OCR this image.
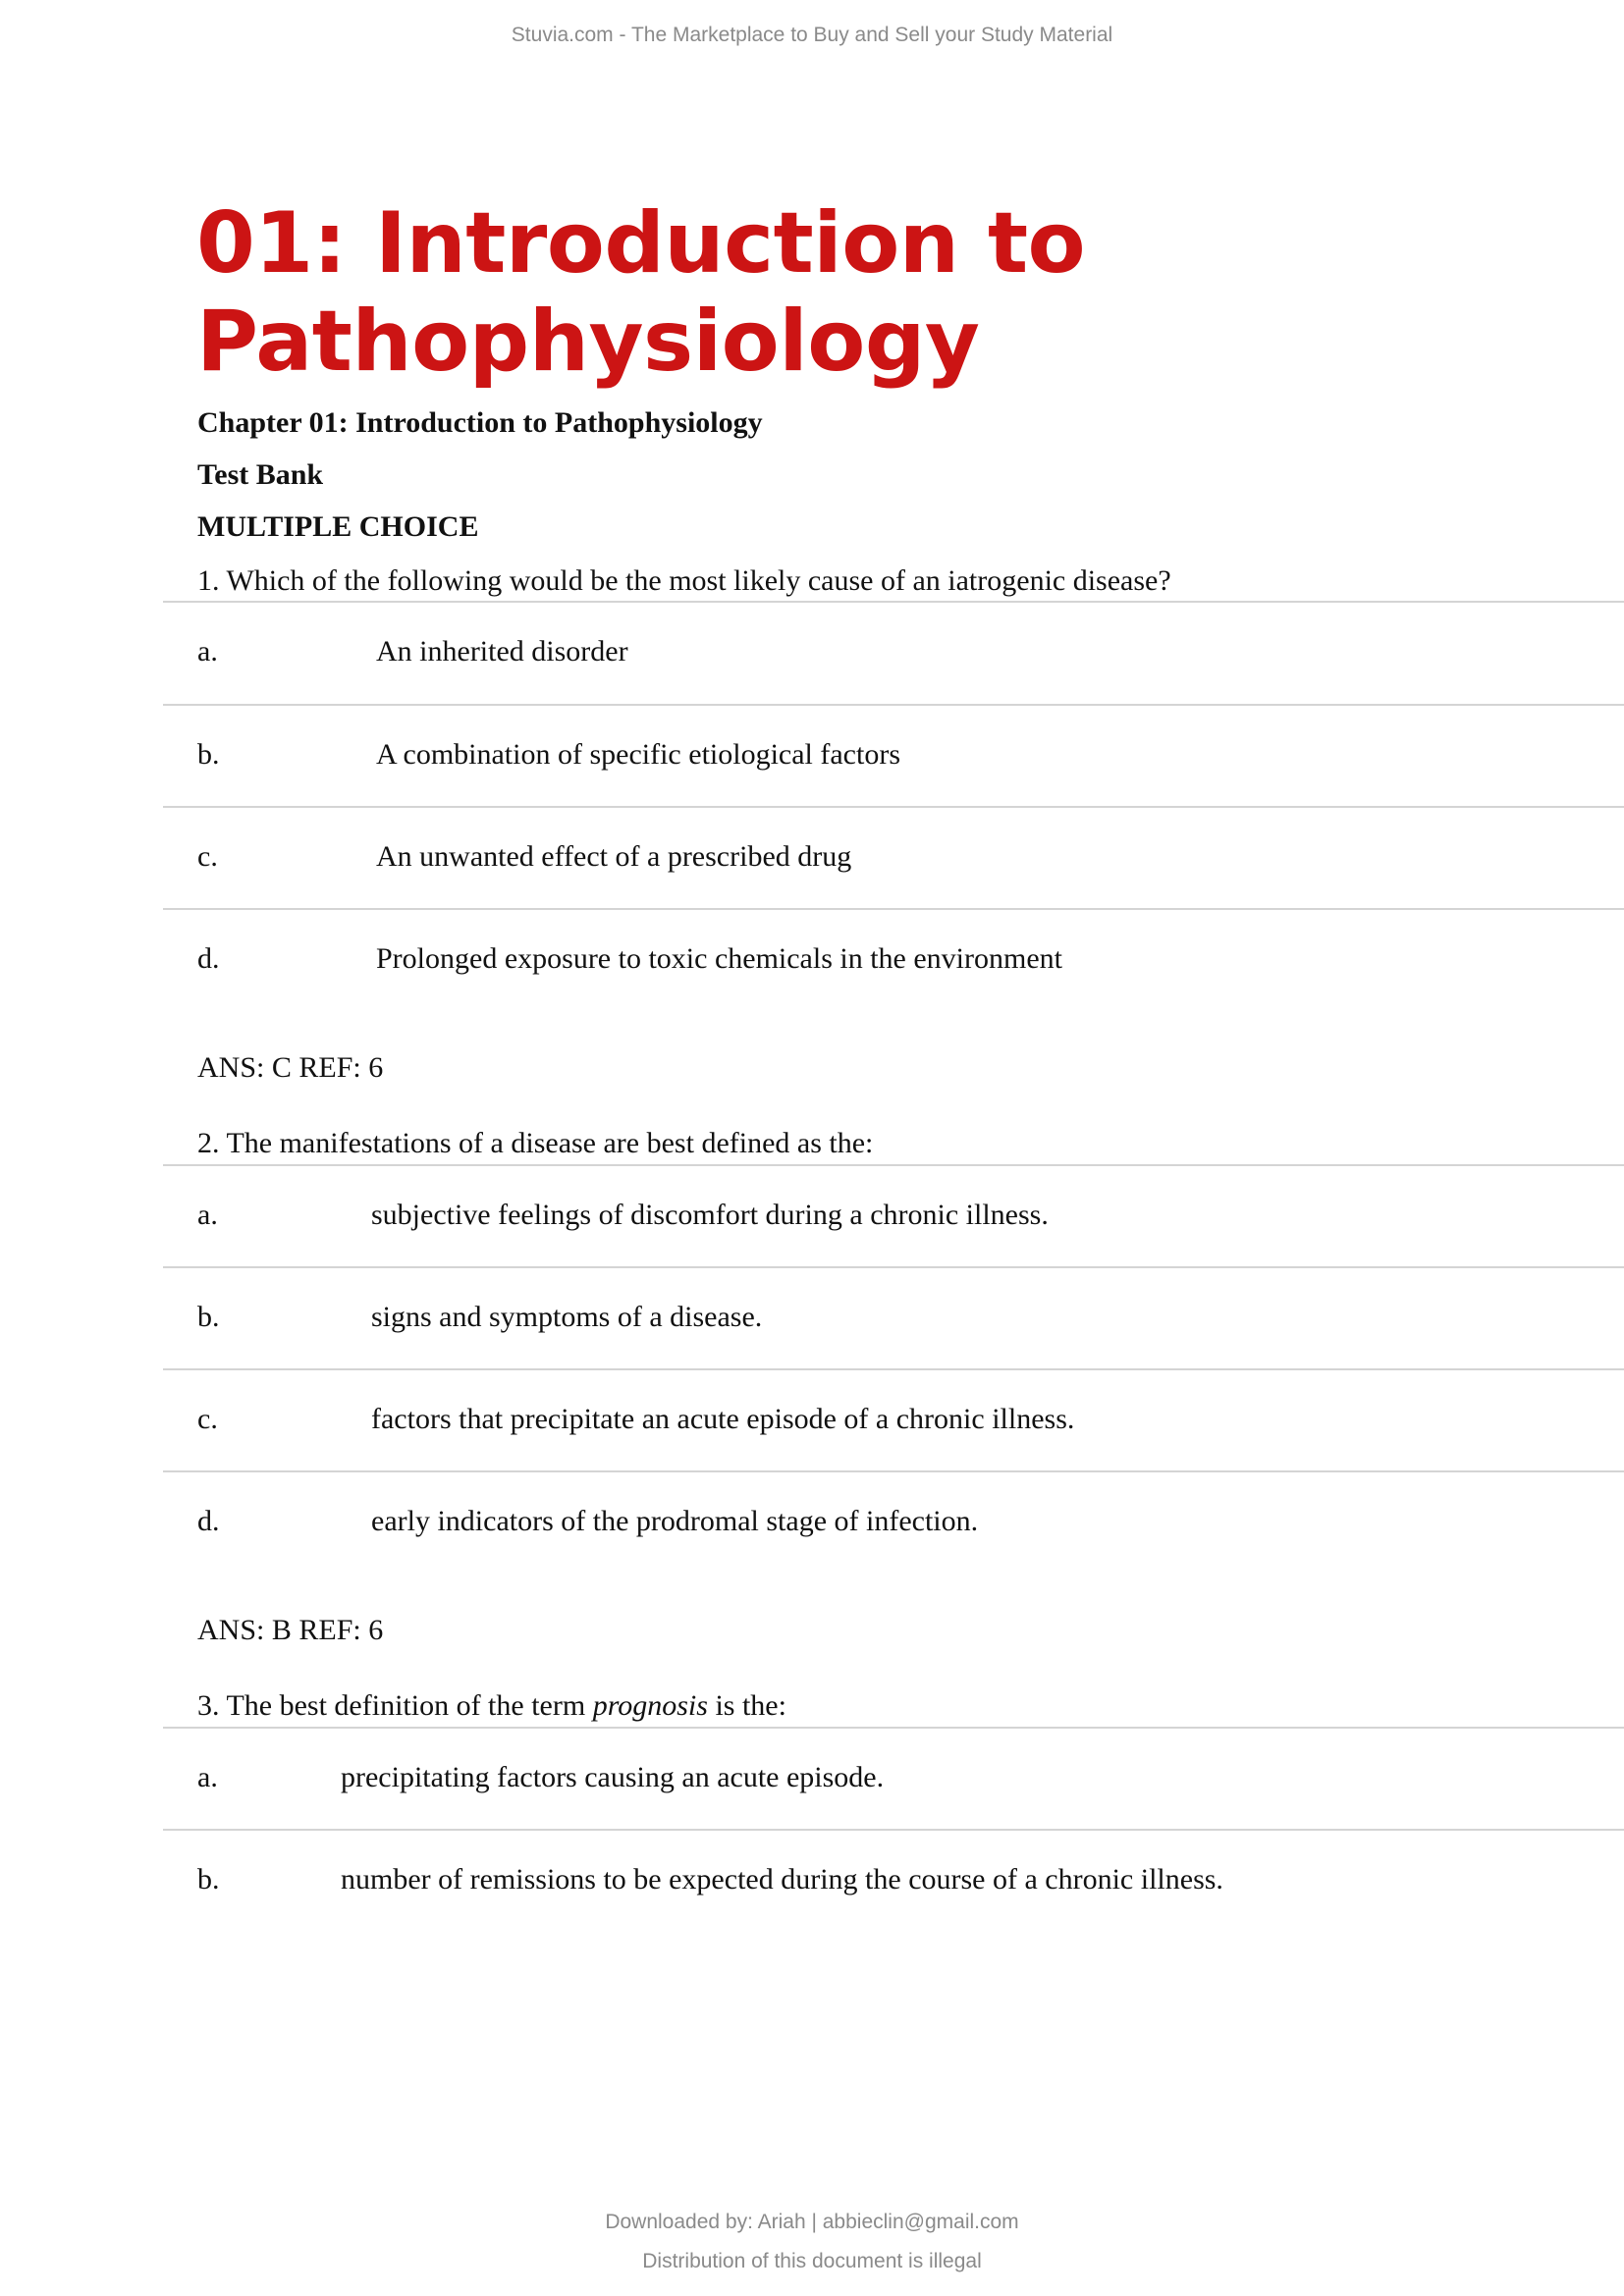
Stuvia.com - The Marketplace to Buy and Sell your Study Material
01: Introduction to
Pathophysiology
Chapter 01: Introduction to Pathophysiology
Test Bank
MULTIPLE CHOICE
1. Which of the following would be the most likely cause of an iatrogenic disease?
a.	An inherited disorder
b.	A combination of specific etiological factors
c.	An unwanted effect of a prescribed drug
d.	Prolonged exposure to toxic chemicals in the environment
ANS: C REF: 6
2. The manifestations of a disease are best defined as the:
a.	subjective feelings of discomfort during a chronic illness.
b.	signs and symptoms of a disease.
c.	factors that precipitate an acute episode of a chronic illness.
d.	early indicators of the prodromal stage of infection.
ANS: B REF: 6
3. The best definition of the term prognosis is the:
a.	precipitating factors causing an acute episode.
b.	number of remissions to be expected during the course of a chronic illness.
Downloaded by: Ariah | abbieclin@gmail.com
Distribution of this document is illegal
